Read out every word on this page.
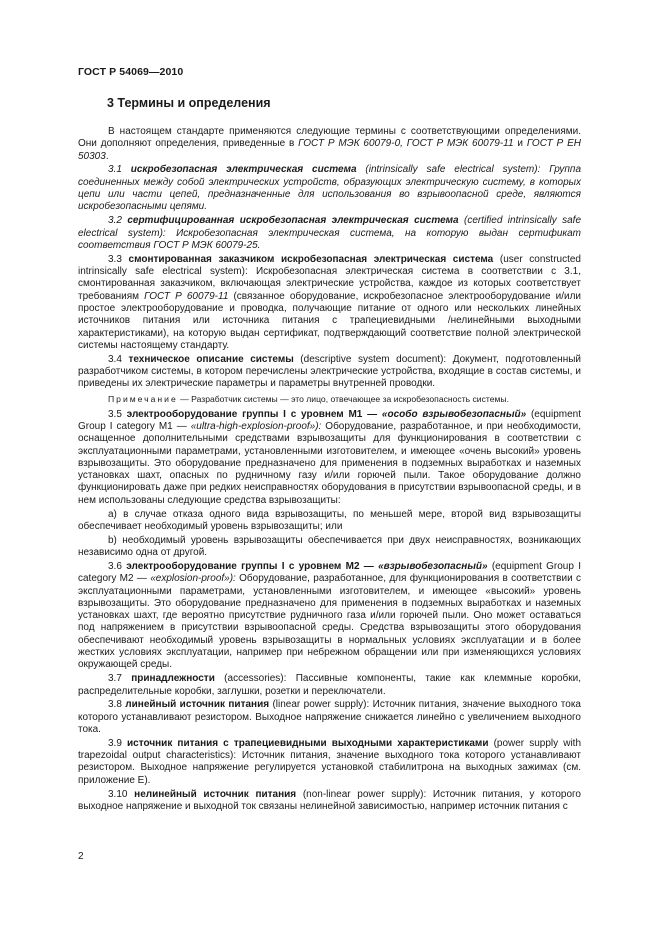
ГОСТ Р 54069—2010
3 Термины и определения

В настоящем стандарте применяются следующие термины с соответствующими определениями. Они дополняют определения, приведенные в ГОСТ Р МЭК 60079-0, ГОСТ Р МЭК 60079-11 и ГОСТ Р ЕН 50303.

3.1 искробезопасная электрическая система (intrinsically safe electrical system): Группа соединенных между собой электрических устройств, образующих электрическую систему, в которых цепи или части цепей, предназначенные для использования во взрывоопасной среде, являются искробезопасными цепями.

3.2 сертифицированная искробезопасная электрическая система (certified intrinsically safe electrical system): Искробезопасная электрическая система, на которую выдан сертификат соответствия ГОСТ Р МЭК 60079-25.

3.3 смонтированная заказчиком искробезопасная электрическая система (user constructed intrinsically safe electrical system): Искробезопасная электрическая система в соответствии с 3.1, смонтированная заказчиком, включающая электрические устройства, каждое из которых соответствует требованиям ГОСТ Р 60079-11 (связанное оборудование, искробезопасное электрооборудование и/или простое электрооборудование и проводка, получающие питание от одного или нескольких линейных источников питания или источника питания с трапециевидными /нелинейными выходными характеристиками), на которую выдан сертификат, подтверждающий соответствие полной электрической системы настоящему стандарту.

3.4 техническое описание системы (descriptive system document): Документ, подготовленный разработчиком системы, в котором перечислены электрические устройства, входящие в состав системы, и приведены их электрические параметры и параметры внутренней проводки.

Примечание — Разработчик системы — это лицо, отвечающее за искробезопасность системы.

3.5 электрооборудование группы I с уровнем M1 — «особо взрывобезопасный» (equipment Group I category M1 — «ultra-high-explosion-proof»): Оборудование, разработанное, и при необходимости, оснащенное дополнительными средствами взрывозащиты для функционирования в соответствии с эксплуатационными параметрами, установленными изготовителем, и имеющее «очень высокий» уровень взрывозащиты. Это оборудование предназначено для применения в подземных выработках и наземных установках шахт, опасных по рудничному газу и/или горючей пыли. Такое оборудование должно функционировать даже при редких неисправностях оборудования в присутствии взрывоопасной среды, и в нем использованы следующие средства взрывозащиты:

a) в случае отказа одного вида взрывозащиты, по меньшей мере, второй вид взрывозащиты обеспечивает необходимый уровень взрывозащиты; или

b) необходимый уровень взрывозащиты обеспечивается при двух неисправностях, возникающих независимо одна от другой.

3.6 электрооборудование группы I с уровнем M2 — «взрывобезопасный» (equipment Group I category M2 — «explosion-proof»): Оборудование, разработанное, для функционирования в соответствии с эксплуатационными параметрами, установленными изготовителем, и имеющее «высокий» уровень взрывозащиты. Это оборудование предназначено для применения в подземных выработках и наземных установках шахт, где вероятно присутствие рудничного газа и/или горючей пыли. Оно может оставаться под напряжением в присутствии взрывоопасной среды. Средства взрывозащиты этого оборудования обеспечивают необходимый уровень взрывозащиты в нормальных условиях эксплуатации и в более жестких условиях эксплуатации, например при небрежном обращении или при изменяющихся условиях окружающей среды.

3.7 принадлежности (accessories): Пассивные компоненты, такие как клеммные коробки, распределительные коробки, заглушки, розетки и переключатели.

3.8 линейный источник питания (linear power supply): Источник питания, значение выходного тока которого устанавливают резистором. Выходное напряжение снижается линейно с увеличением выходного тока.

3.9 источник питания с трапециевидными выходными характеристиками (power supply with trapezoidal output characteristics): Источник питания, значение выходного тока которого устанавливают резистором. Выходное напряжение регулируется установкой стабилитрона на выходных зажимах (см. приложение Е).

3.10 нелинейный источник питания (non-linear power supply): Источник питания, у которого выходное напряжение и выходной ток связаны нелинейной зависимостью, например источник питания с

2
